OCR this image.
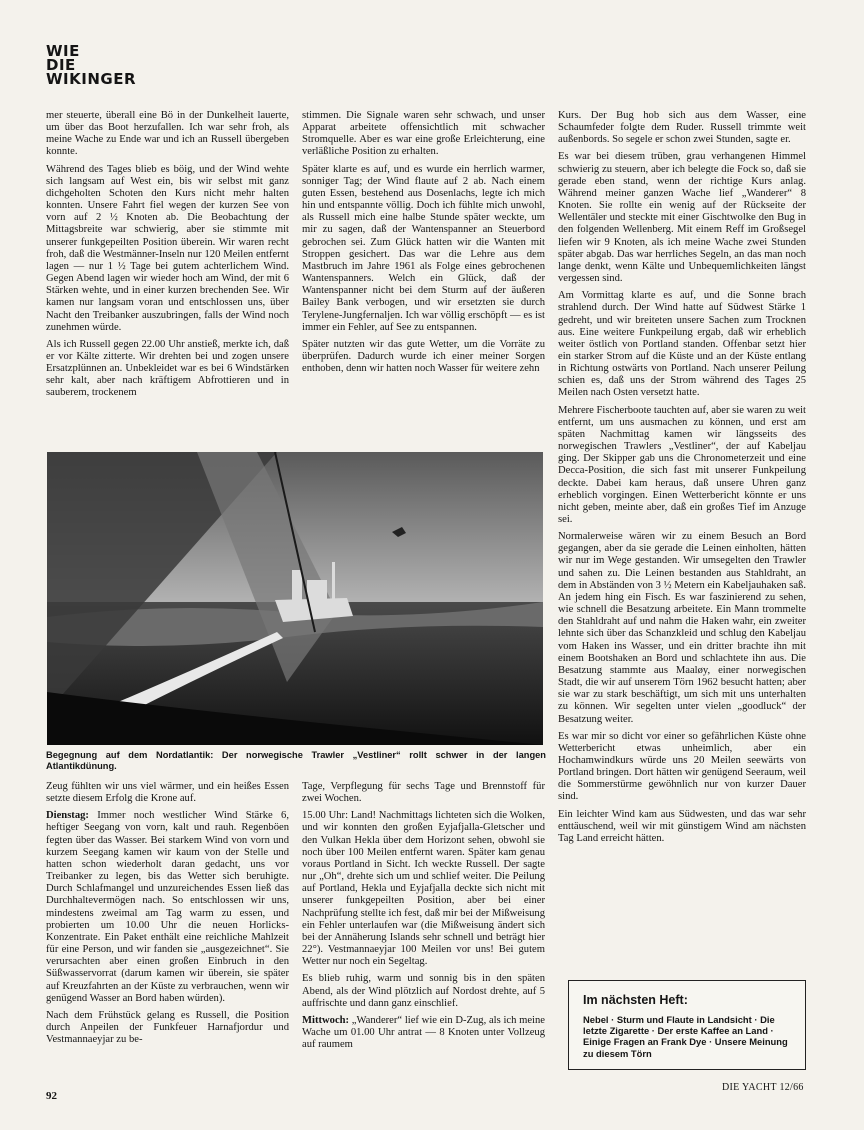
WIE
DIE
WIKINGER

mer steuerte, überall eine Bö in der Dunkelheit lauerte, um über das Boot herzufallen. Ich war sehr froh, als meine Wache zu Ende war und ich an Russell übergeben konnte.

Während des Tages blieb es böig, und der Wind wehte sich langsam auf West ein, bis wir selbst mit ganz dichgeholten Schoten den Kurs nicht mehr halten konnten. Unsere Fahrt fiel wegen der kurzen See von vorn auf 2 ½ Knoten ab. Die Beobachtung der Mittagsbreite war schwierig, aber sie stimmte mit unserer funkgepeilten Position überein. Wir waren recht froh, daß die Westmänner-Inseln nur 120 Meilen entfernt lagen — nur 1 ½ Tage bei gutem achterlichem Wind. Gegen Abend lagen wir wieder hoch am Wind, der mit 6 Stärken wehte, und in einer kurzen brechenden See. Wir kamen nur langsam voran und entschlossen uns, über Nacht den Treibanker auszubringen, falls der Wind noch zunehmen würde.

Als ich Russell gegen 22.00 Uhr anstieß, merkte ich, daß er vor Kälte zitterte. Wir drehten bei und zogen unsere Ersatzplünnen an. Unbekleidet war es bei 6 Windstärken sehr kalt, aber nach kräftigem Abfrottieren und in sauberem, trockenem

stimmen. Die Signale waren sehr schwach, und unser Apparat arbeitete offensichtlich mit schwacher Stromquelle. Aber es war eine große Erleichterung, eine verläßliche Position zu erhalten.

Später klarte es auf, und es wurde ein herrlich warmer, sonniger Tag; der Wind flaute auf 2 ab. Nach einem guten Essen, bestehend aus Dosenlachs, legte ich mich hin und entspannte völlig. Doch ich fühlte mich unwohl, als Russell mich eine halbe Stunde später weckte, um mir zu sagen, daß der Wantenspanner an Steuerbord gebrochen sei. Zum Glück hatten wir die Wanten mit Stroppen gesichert. Das war die Lehre aus dem Mastbruch im Jahre 1961 als Folge eines gebrochenen Wantenspanners. Welch ein Glück, daß der Wantenspanner nicht bei dem Sturm auf der äußeren Bailey Bank verbogen, und wir ersetzten sie durch Terylene-Jungfernaljen. Ich war völlig erschöpft — es ist immer ein Fehler, auf See zu entspannen.

Später nutzten wir das gute Wetter, um die Vorräte zu überprüfen. Dadurch wurde ich einer meiner Sorgen enthoben, denn wir hatten noch Wasser für weitere zehn

Kurs. Der Bug hob sich aus dem Wasser, eine Schaumfeder folgte dem Ruder. Russell trimmte weit außenbords. So segele er schon zwei Stunden, sagte er.

Es war bei diesem trüben, grau verhangenen Himmel schwierig zu steuern, aber ich belegte die Fock so, daß sie gerade eben stand, wenn der richtige Kurs anlag. Während meiner ganzen Wache lief „Wanderer“ 8 Knoten. Sie rollte ein wenig auf der Rückseite der Wellentäler und steckte mit einer Gischtwolke den Bug in den folgenden Wellenberg. Mit einem Reff im Großsegel liefen wir 9 Knoten, als ich meine Wache zwei Stunden später abgab. Das war herrliches Segeln, an das man noch lange denkt, wenn Kälte und Unbequemlichkeiten längst vergessen sind.

Am Vormittag klarte es auf, und die Sonne brach strahlend durch. Der Wind hatte auf Südwest Stärke 1 gedreht, und wir breiteten unsere Sachen zum Trocknen aus. Eine weitere Funkpeilung ergab, daß wir erheblich weiter östlich von Portland standen. Offenbar setzt hier ein starker Strom auf die Küste und an der Küste entlang in Richtung ostwärts von Portland. Nach unserer Peilung schien es, daß uns der Strom während des Tages 25 Meilen nach Osten versetzt hatte.

Mehrere Fischerboote tauchten auf, aber sie waren zu weit entfernt, um uns ausmachen zu können, und erst am späten Nachmittag kamen wir längsseits des norwegischen Trawlers „Vestliner“, der auf Kabeljau ging. Der Skipper gab uns die Chronometerzeit und eine Decca-Position, die sich fast mit unserer Funkpeilung deckte. Dabei kam heraus, daß unsere Uhren ganz erheblich vorgingen. Einen Wetterbericht könnte er uns nicht geben, meinte aber, daß ein großes Tief im Anzuge sei.

Normalerweise wären wir zu einem Besuch an Bord gegangen, aber da sie gerade die Leinen einholten, hätten wir nur im Wege gestanden. Wir umsegelten den Trawler und sahen zu. Die Leinen bestanden aus Stahldraht, an dem in Abständen von 3 ½ Metern ein Kabeljauhaken saß. An jedem hing ein Fisch. Es war faszinierend zu sehen, wie schnell die Besatzung arbeitete. Ein Mann trommelte den Stahldraht auf und nahm die Haken wahr, ein zweiter lehnte sich über das Schanzkleid und schlug den Kabeljau vom Haken ins Wasser, und ein dritter brachte ihn mit einem Bootshaken an Bord und schlachtete ihn aus. Die Besatzung stammte aus Maaløy, einer norwegischen Stadt, die wir auf unserem Törn 1962 besucht hatten; aber sie war zu stark beschäftigt, um sich mit uns unterhalten zu können. Wir segelten unter vielen „goodluck“ der Besatzung weiter.

Es war mir so dicht vor einer so gefährlichen Küste ohne Wetterbericht etwas unheimlich, aber ein Hochamwindkurs würde uns 20 Meilen seewärts von Portland bringen. Dort hätten wir genügend Seeraum, weil die Sommerstürme gewöhnlich nur von kurzer Dauer sind.

Ein leichter Wind kam aus Südwesten, und das war sehr enttäuschend, weil wir mit günstigem Wind am nächsten Tag Land erreicht hätten.

Begegnung auf dem Nordatlantik: Der norwegische Trawler „Vestliner“ rollt schwer in der langen Atlantikdünung.

Zeug fühlten wir uns viel wärmer, und ein heißes Essen setzte diesem Erfolg die Krone auf.

Dienstag: Immer noch westlicher Wind Stärke 6, heftiger Seegang von vorn, kalt und rauh. Regenböen fegten über das Wasser. Bei starkem Wind von vorn und kurzem Seegang kamen wir kaum von der Stelle und hatten schon wiederholt daran gedacht, uns vor Treibanker zu legen, bis das Wetter sich beruhigte. Durch Schlafmangel und unzureichendes Essen ließ das Durchhaltevermögen nach. So entschlossen wir uns, mindestens zweimal am Tag warm zu essen, und probierten um 10.00 Uhr die neuen Horlicks-Konzentrate. Ein Paket enthält eine reichliche Mahlzeit für eine Person, und wir fanden sie „ausgezeichnet“. Sie verursachten aber einen großen Einbruch in den Süßwasservorrat (darum kamen wir überein, sie später auf Kreuzfahrten an der Küste zu verbrauchen, wenn wir genügend Wasser an Bord haben würden).

Nach dem Frühstück gelang es Russell, die Position durch Anpeilen der Funkfeuer Harnafjordur und Vestmannaeyjar zu be-

Tage, Verpflegung für sechs Tage und Brennstoff für zwei Wochen.

15.00 Uhr: Land! Nachmittags lichteten sich die Wolken, und wir konnten den großen Eyjafjalla-Gletscher und den Vulkan Hekla über dem Horizont sehen, obwohl sie noch über 100 Meilen entfernt waren. Später kam genau voraus Portland in Sicht. Ich weckte Russell. Der sagte nur „Oh“, drehte sich um und schlief weiter. Die Peilung auf Portland, Hekla und Eyjafjalla deckte sich nicht mit unserer funkgepeilten Position, aber bei einer Nachprüfung stellte ich fest, daß mir bei der Mißweisung ein Fehler unterlaufen war (die Mißweisung ändert sich bei der Annäherung Islands sehr schnell und beträgt hier 22°). Vestmannaeyjar 100 Meilen vor uns! Bei gutem Wetter nur noch ein Segeltag.

Es blieb ruhig, warm und sonnig bis in den späten Abend, als der Wind plötzlich auf Nordost drehte, auf 5 auffrischte und dann ganz einschlief.

Mittwoch: „Wanderer“ lief wie ein D-Zug, als ich meine Wache um 01.00 Uhr antrat — 8 Knoten unter Vollzeug auf raumem

Im nächsten Heft:
Nebel · Sturm und Flaute in Landsicht · Die letzte Zigarette · Der erste Kaffee an Land · Einige Fragen an Frank Dye · Unsere Meinung zu diesem Törn
92
DIE YACHT 12/66
